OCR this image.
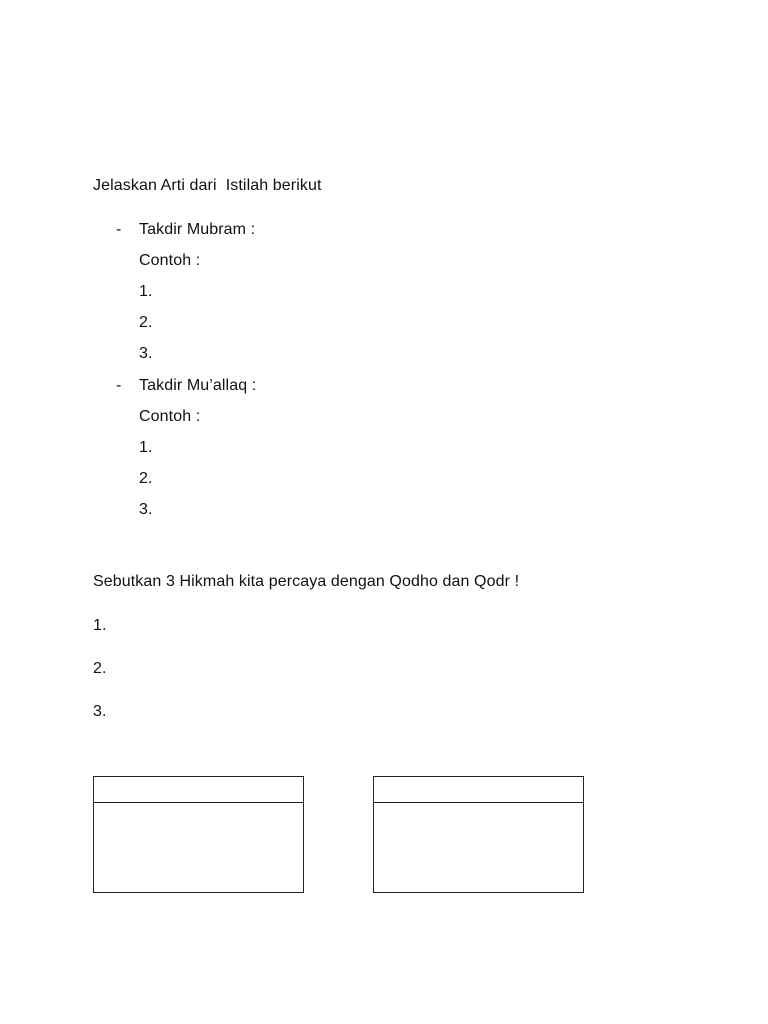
Jelaskan Arti dari  Istilah berikut
- Takdir Mubram :
Contoh :
1.
2.
3.
- Takdir Mu’allaq :
Contoh :
1.
2.
3.
Sebutkan 3 Hikmah kita percaya dengan Qodho dan Qodr !
1.
2.
3.
